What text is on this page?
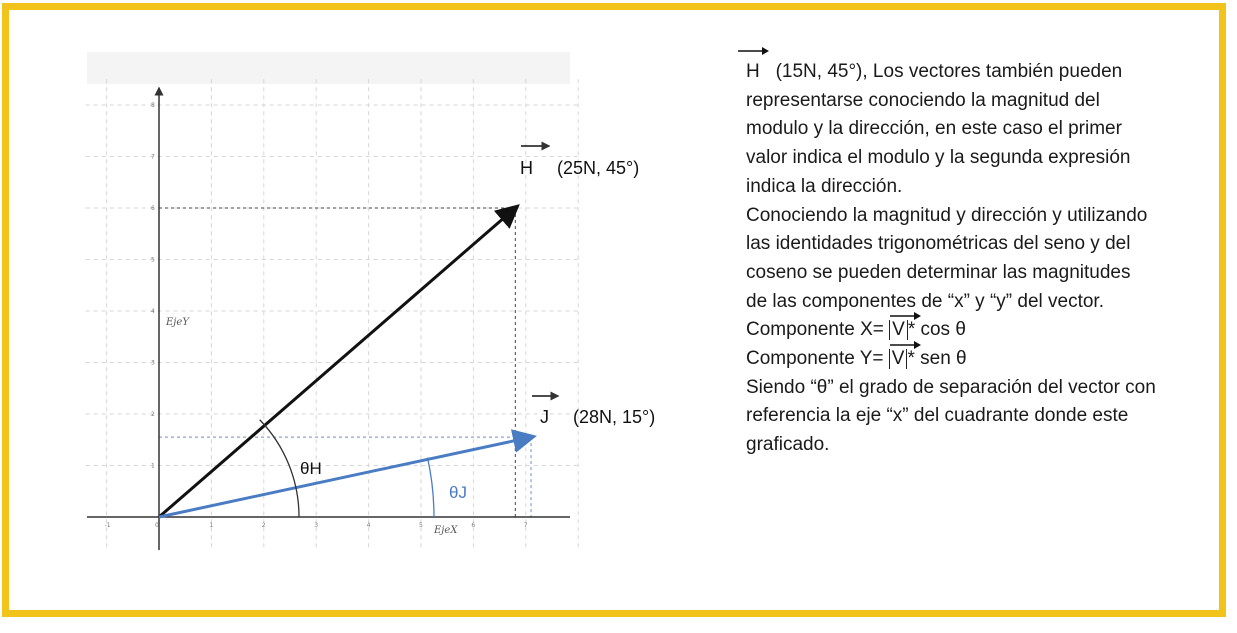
-1	0	1	2	3	4	5	6	7
1
2
3
4
5
6
7
8
EjeX
EjeY
θH
θJ
H (25N, 45°)
J (28N, 15°)

H (15N, 45°), Los vectores también pueden representarse conociendo la magnitud del modulo y la dirección, en este caso el primer valor indica el modulo y la segunda expresión indica la dirección.

Conociendo la magnitud y dirección y utilizando las identidades trigonométricas del seno y del coseno se pueden determinar las magnitudes de las componentes de “x” y “y” del vector.

Componente X= V * cos θ

Componente Y= V * sen θ

Siendo “θ” el grado de separación del vector con referencia la eje “x” del cuadrante donde este graficado.
